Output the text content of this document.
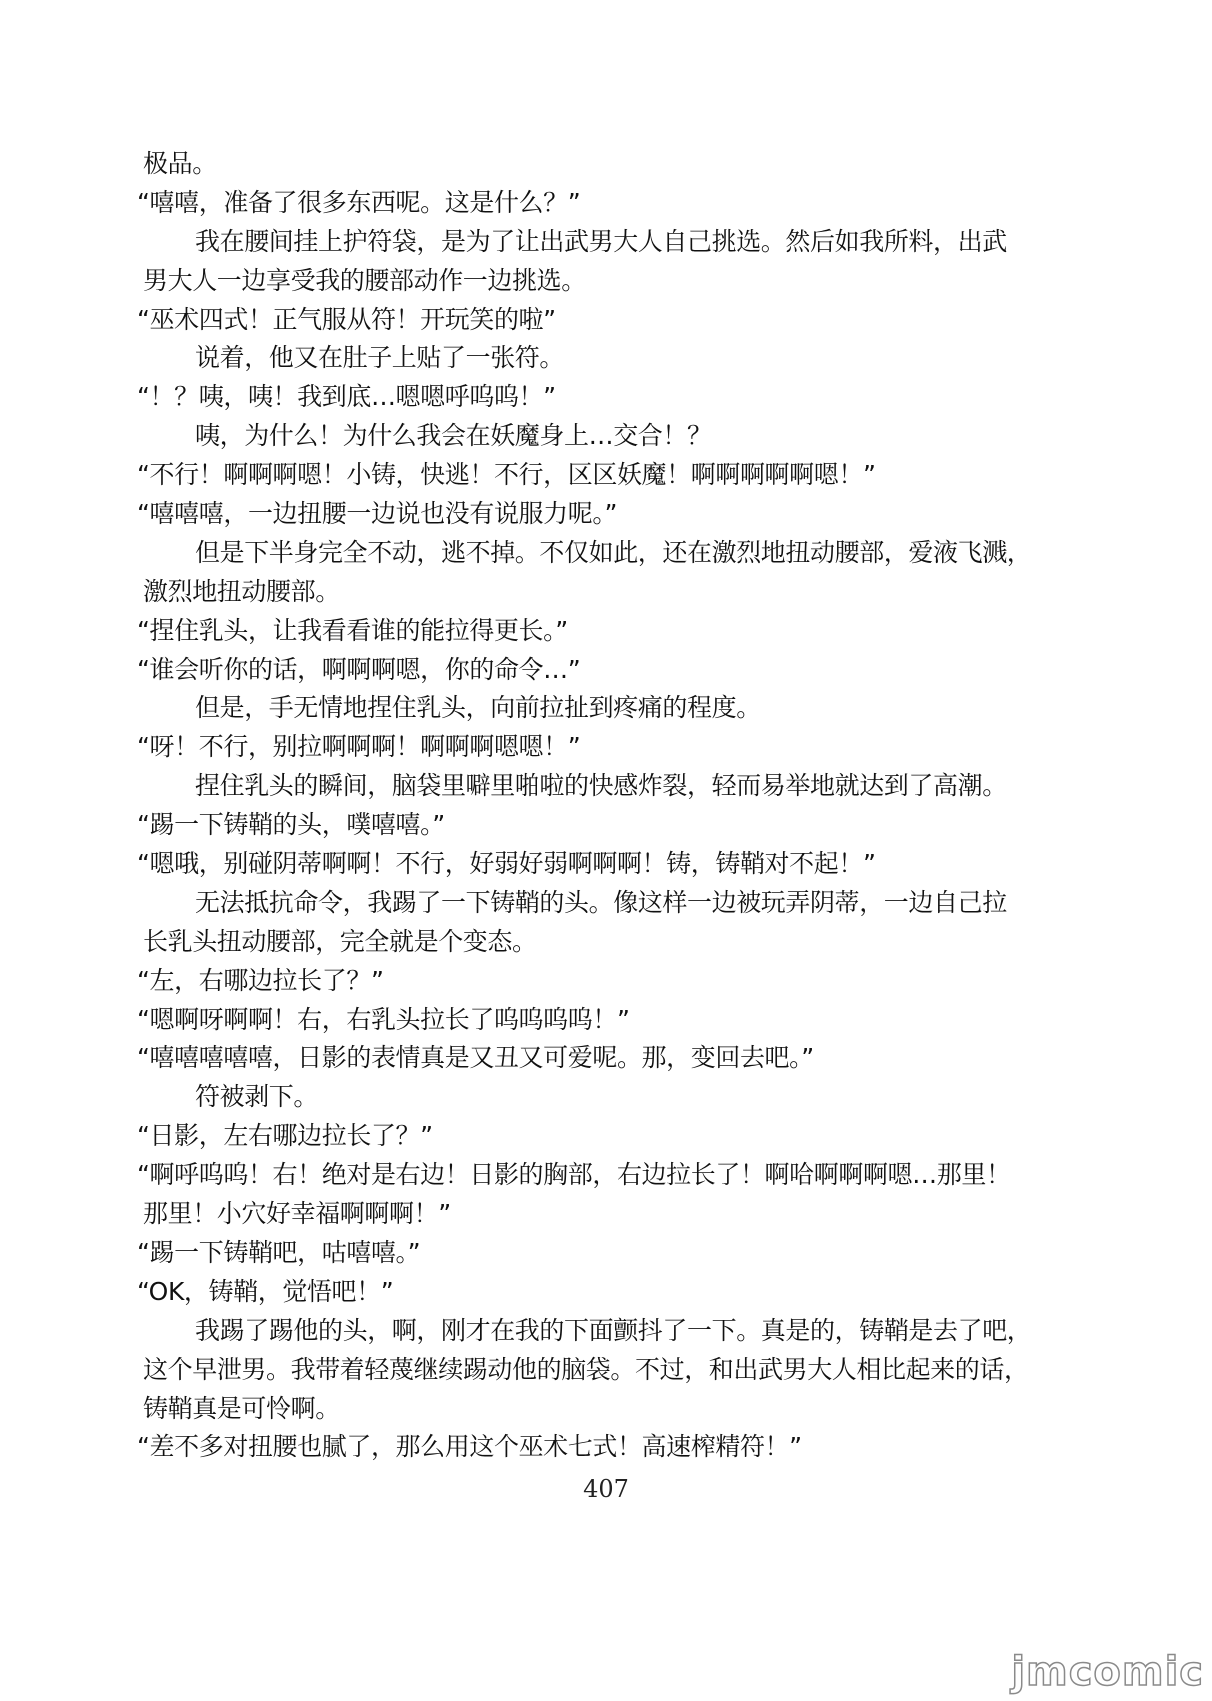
极品。
“嘻嘻，准备了很多东西呢。这是什么？”
我在腰间挂上护符袋，是为了让出武男大人自己挑选。然后如我所料，出武
男大人一边享受我的腰部动作一边挑选。
“巫术四式！正气服从符！开玩笑的啦”
说着，他又在肚子上贴了一张符。
“！？咦，咦！我到底…嗯嗯呼呜呜！”
咦，为什么！为什么我会在妖魔身上…交合！？
“不行！啊啊啊嗯！小铸，快逃！不行，区区妖魔！啊啊啊啊啊嗯！”
“嘻嘻嘻，一边扭腰一边说也没有说服力呢。”
但是下半身完全不动，逃不掉。不仅如此，还在激烈地扭动腰部，爱液飞溅，
激烈地扭动腰部。
“捏住乳头，让我看看谁的能拉得更长。”
“谁会听你的话，啊啊啊嗯，你的命令…”
但是，手无情地捏住乳头，向前拉扯到疼痛的程度。
“呀！不行，别拉啊啊啊！啊啊啊嗯嗯！”
捏住乳头的瞬间，脑袋里噼里啪啦的快感炸裂，轻而易举地就达到了高潮。
“踢一下铸鞘的头，噗嘻嘻。”
“嗯哦，别碰阴蒂啊啊！不行，好弱好弱啊啊啊！铸，铸鞘对不起！”
无法抵抗命令，我踢了一下铸鞘的头。像这样一边被玩弄阴蒂，一边自己拉
长乳头扭动腰部，完全就是个变态。
“左，右哪边拉长了？”
“嗯啊呀啊啊！右，右乳头拉长了呜呜呜呜！”
“嘻嘻嘻嘻嘻，日影的表情真是又丑又可爱呢。那，变回去吧。”
符被剥下。
“日影，左右哪边拉长了？”
“啊呼呜呜！右！绝对是右边！日影的胸部，右边拉长了！啊哈啊啊啊嗯…那里！
那里！小穴好幸福啊啊啊！”
“踢一下铸鞘吧，咕嘻嘻。”
“OK，铸鞘，觉悟吧！”
我踢了踢他的头，啊，刚才在我的下面颤抖了一下。真是的，铸鞘是去了吧，
这个早泄男。我带着轻蔑继续踢动他的脑袋。不过，和出武男大人相比起来的话，
铸鞘真是可怜啊。
“差不多对扭腰也腻了，那么用这个巫术七式！高速榨精符！”
407
jmcomic
